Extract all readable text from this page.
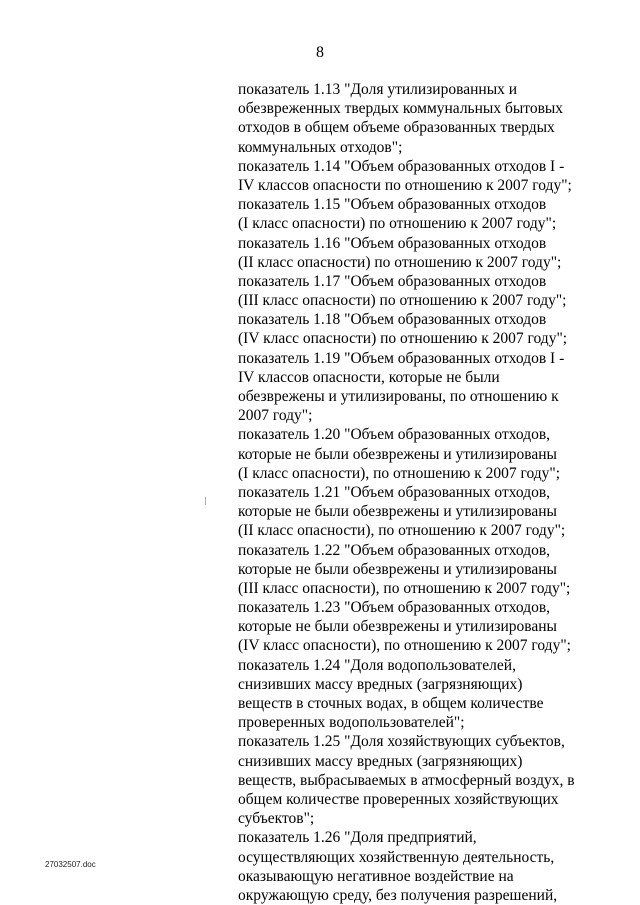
8
показатель 1.13 "Доля утилизированных и
обезвреженных твердых коммунальных бытовых
отходов в общем объеме образованных твердых
коммунальных отходов";
показатель 1.14 "Объем образованных отходов I -
IV классов опасности по отношению к 2007 году";
показатель 1.15 "Объем образованных отходов
(I класс опасности) по отношению к 2007 году";
показатель 1.16 "Объем образованных отходов
(II класс опасности) по отношению к 2007 году";
показатель 1.17 "Объем образованных отходов
(III класс опасности) по отношению к 2007 году";
показатель 1.18 "Объем образованных отходов
(IV класс опасности) по отношению к 2007 году";
показатель 1.19 "Объем образованных отходов I -
IV классов опасности, которые не были
обезврежены и утилизированы, по отношению к
2007 году";
показатель 1.20 "Объем образованных отходов,
которые не были обезврежены и утилизированы
(I класс опасности), по отношению к 2007 году";
показатель 1.21 "Объем образованных отходов,
которые не были обезврежены и утилизированы
(II класс опасности), по отношению к 2007 году";
показатель 1.22 "Объем образованных отходов,
которые не были обезврежены и утилизированы
(III класс опасности), по отношению к 2007 году";
показатель 1.23 "Объем образованных отходов,
которые не были обезврежены и утилизированы
(IV класс опасности), по отношению к 2007 году";
показатель 1.24 "Доля водопользователей,
снизивших массу вредных (загрязняющих)
веществ в сточных водах, в общем количестве
проверенных водопользователей";
показатель 1.25 "Доля хозяйствующих субъектов,
снизивших массу вредных (загрязняющих)
веществ, выбрасываемых в атмосферный воздух, в
общем количестве проверенных хозяйствующих
субъектов";
показатель 1.26 "Доля предприятий,
осуществляющих хозяйственную деятельность,
оказывающую негативное воздействие на
окружающую среду, без получения разрешений,
27032507.doc
